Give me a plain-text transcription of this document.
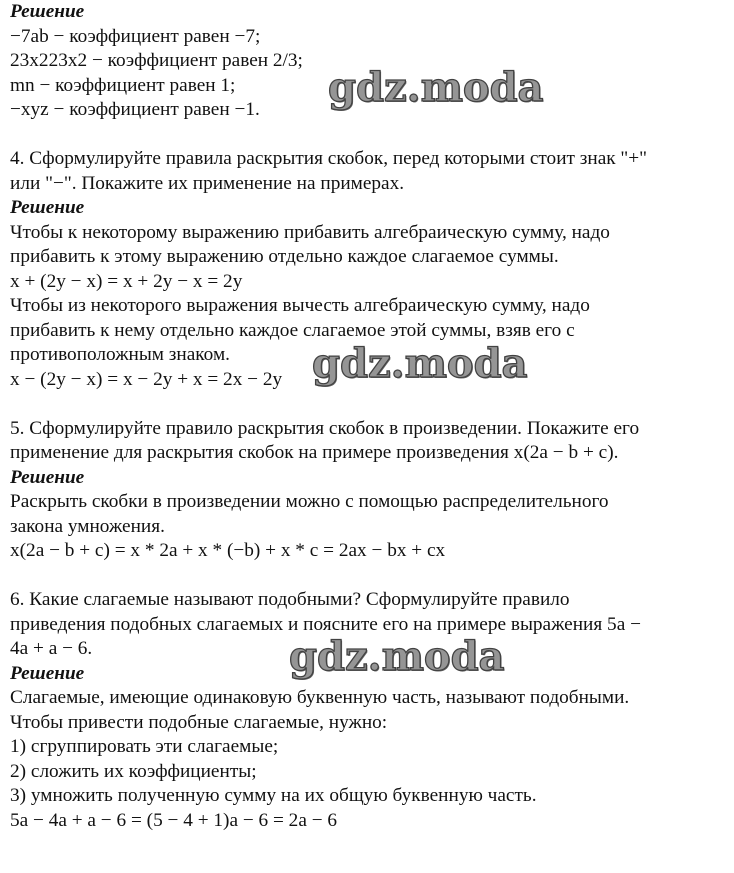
Решение
−7ab − коэффициент равен −7;
23x223x2 − коэффициент равен 2/3;
mn − коэффициент равен 1;
−xyz − коэффициент равен −1.
4. Сформулируйте правила раскрытия скобок, перед которыми стоит знак "+"
или "−". Покажите их применение на примерах.
Решение
Чтобы к некоторому выражению прибавить алгебраическую сумму, надо
прибавить к этому выражению отдельно каждое слагаемое суммы.
x + (2y − x) = x + 2y − x = 2y
Чтобы из некоторого выражения вычесть алгебраическую сумму, надо
прибавить к нему отдельно каждое слагаемое этой суммы, взяв его с
противоположным знаком.
x − (2y − x) = x − 2y + x = 2x − 2y
5. Сформулируйте правило раскрытия скобок в произведении. Покажите его
применение для раскрытия скобок на примере произведения x(2a − b + c).
Решение
Раскрыть скобки в произведении можно с помощью распределительного
закона умножения.
x(2a − b + c) = x * 2a + x * (−b) + x * c = 2ax − bx + cx
6. Какие слагаемые называют подобными? Сформулируйте правило
приведения подобных слагаемых и поясните его на примере выражения 5a −
4a + a − 6.
Решение
Слагаемые, имеющие одинаковую буквенную часть, называют подобными.
Чтобы привести подобные слагаемые, нужно:
1) сгруппировать эти слагаемые;
2) сложить их коэффициенты;
3) умножить полученную сумму на их общую буквенную часть.
5a − 4a + a − 6 = (5 − 4 + 1)a − 6 = 2a − 6
gdz.moda
gdz.moda
gdz.moda
